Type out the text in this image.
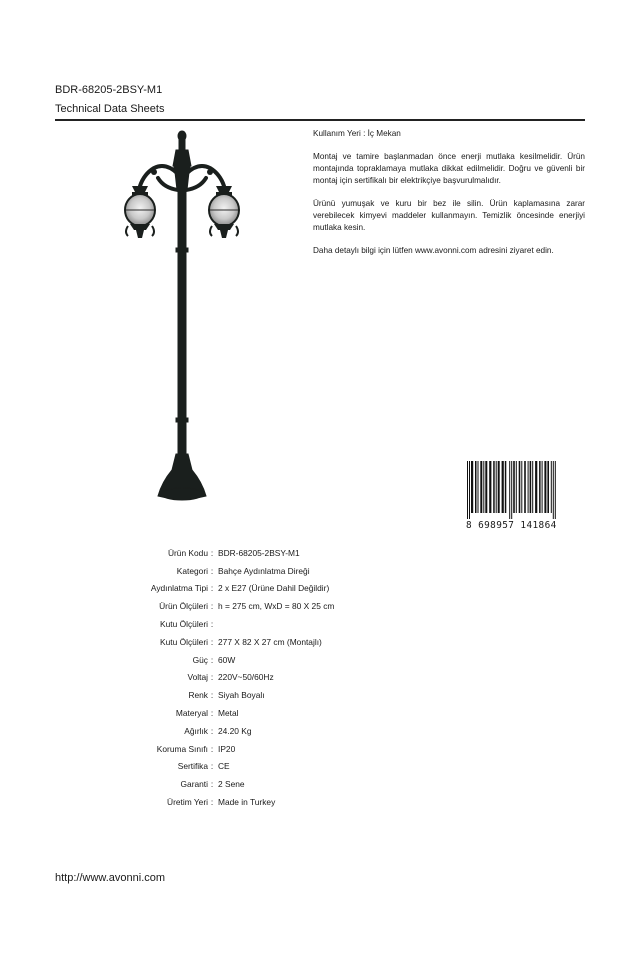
BDR-68205-2BSY-M1
Technical Data Sheets

Kullanım Yeri : İç Mekan

Montaj ve tamire başlanmadan önce enerji mutlaka kesilmelidir. Ürün montajında topraklamaya mutlaka dikkat edilmelidir. Doğru ve güvenli bir montaj için sertifikalı bir elektrikçiye başvurulmalıdır.

Ürünü yumuşak ve kuru bir bez ile silin. Ürün kaplamasına zarar verebilecek kimyevi maddeler kullanmayın. Temizlik öncesinde enerjiyi mutlaka kesin.

Daha detaylı bilgi için lütfen www.avonni.com adresini ziyaret edin.

8 698957 141864
Ürün Kodu : BDR-68205-2BSY-M1
Kategori : Bahçe Aydınlatma Direği
Aydınlatma Tipi : 2 x E27 (Ürüne Dahil Değildir)
Ürün Ölçüleri : h = 275 cm, WxD = 80 X 25 cm
Kutu Ölçüleri :
Kutu Ölçüleri : 277 X 82 X 27 cm (Montajlı)
Güç : 60W
Voltaj : 220V~50/60Hz
Renk : Siyah Boyalı
Materyal : Metal
Ağırlık : 24.20 Kg
Koruma Sınıfı : IP20
Sertifika : CE
Garanti : 2 Sene
Üretim Yeri : Made in Turkey
http://www.avonni.com
